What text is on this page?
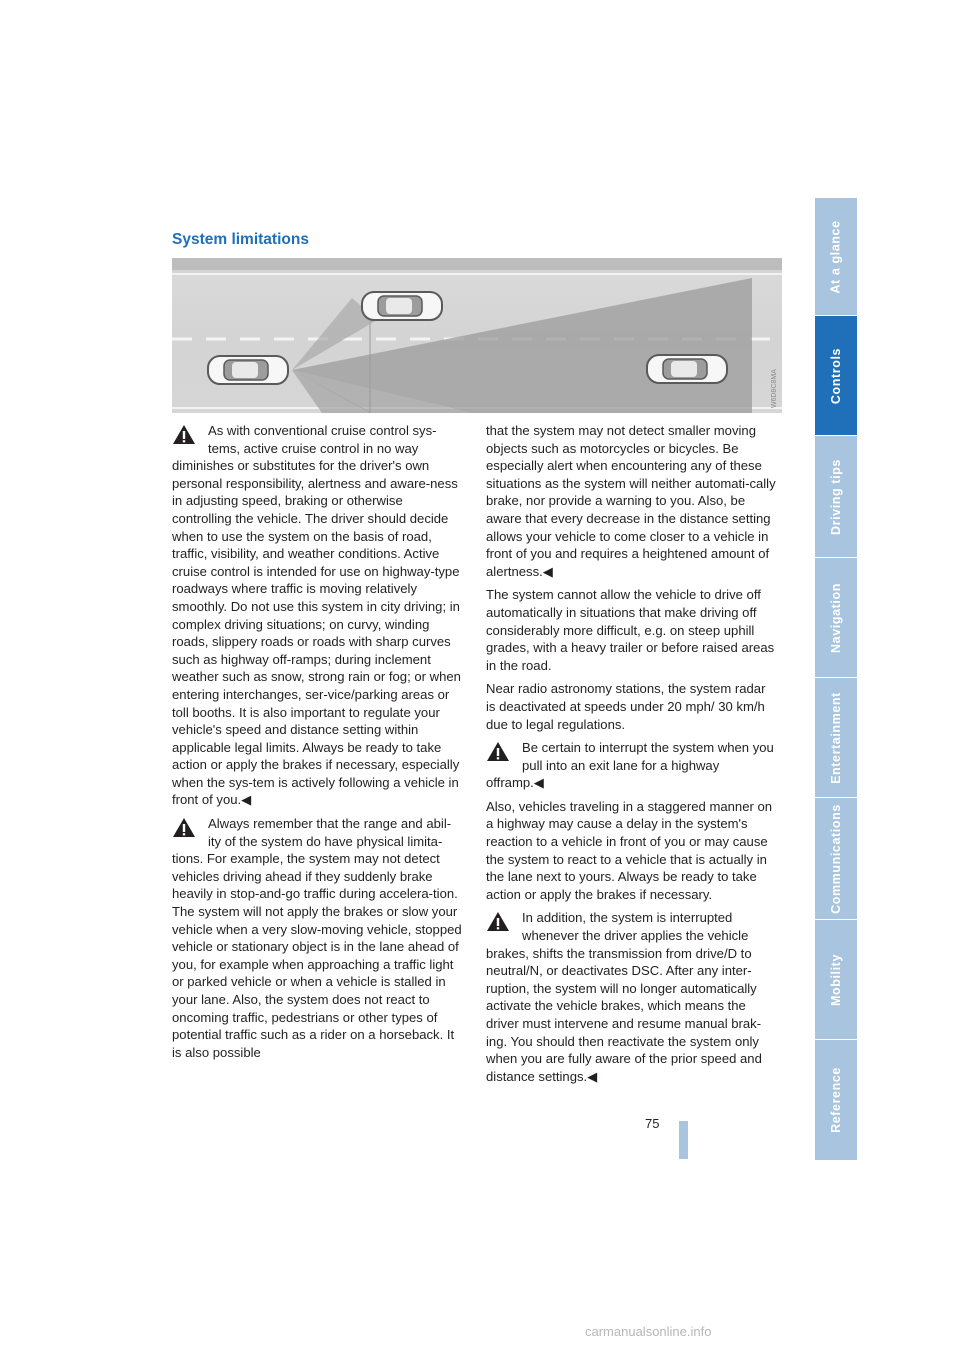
System limitations
W6D8C8MA

As with conventional cruise control sys-tems, active cruise control in no way diminishes or substitutes for the driver's own personal responsibility, alertness and aware-ness in adjusting speed, braking or otherwise controlling the vehicle. The driver should decide when to use the system on the basis of road, traffic, visibility, and weather conditions. Active cruise control is intended for use on highway-type roadways where traffic is moving relatively smoothly. Do not use this system in city driving; in complex driving situations; on curvy, winding roads, slippery roads or roads with sharp curves such as highway off-ramps; during inclement weather such as snow, strong rain or fog; or when entering interchanges, ser-vice/parking areas or toll booths. It is also important to regulate your vehicle's speed and distance setting within applicable legal limits. Always be ready to take action or apply the brakes if necessary, especially when the sys-tem is actively following a vehicle in front of you.◀

Always remember that the range and abil-ity of the system do have physical limita-tions. For example, the system may not detect vehicles driving ahead if they suddenly brake heavily in stop-and-go traffic during accelera-tion. The system will not apply the brakes or slow your vehicle when a very slow-moving vehicle, stopped vehicle or stationary object is in the lane ahead of you, for example when approaching a traffic light or parked vehicle or when a vehicle is stalled in your lane. Also, the system does not react to oncoming traffic, pedestrians or other types of potential traffic such as a rider on a horseback. It is also possible

that the system may not detect smaller moving objects such as motorcycles or bicycles. Be especially alert when encountering any of these situations as the system will neither automati-cally brake, nor provide a warning to you. Also, be aware that every decrease in the distance setting allows your vehicle to come closer to a vehicle in front of you and requires a heightened amount of alertness.◀

The system cannot allow the vehicle to drive off automatically in situations that make driving off considerably more difficult, e.g. on steep uphill grades, with a heavy trailer or before raised areas in the road.

Near radio astronomy stations, the system radar is deactivated at speeds under 20 mph/ 30 km/h due to legal regulations.

Be certain to interrupt the system when you pull into an exit lane for a highway offramp.◀

Also, vehicles traveling in a staggered manner on a highway may cause a delay in the system's reaction to a vehicle in front of you or may cause the system to react to a vehicle that is actually in the lane next to yours. Always be ready to take action or apply the brakes if necessary.

In addition, the system is interrupted whenever the driver applies the vehicle brakes, shifts the transmission from drive/D to neutral/N, or deactivates DSC. After any inter-ruption, the system will no longer automatically activate the vehicle brakes, which means the driver must intervene and resume manual brak-ing. You should then reactivate the system only when you are fully aware of the prior speed and distance settings.◀

At a glance
Controls
Driving tips
Navigation
Entertainment
Communications
Mobility
Reference
75
carmanualsonline.info
